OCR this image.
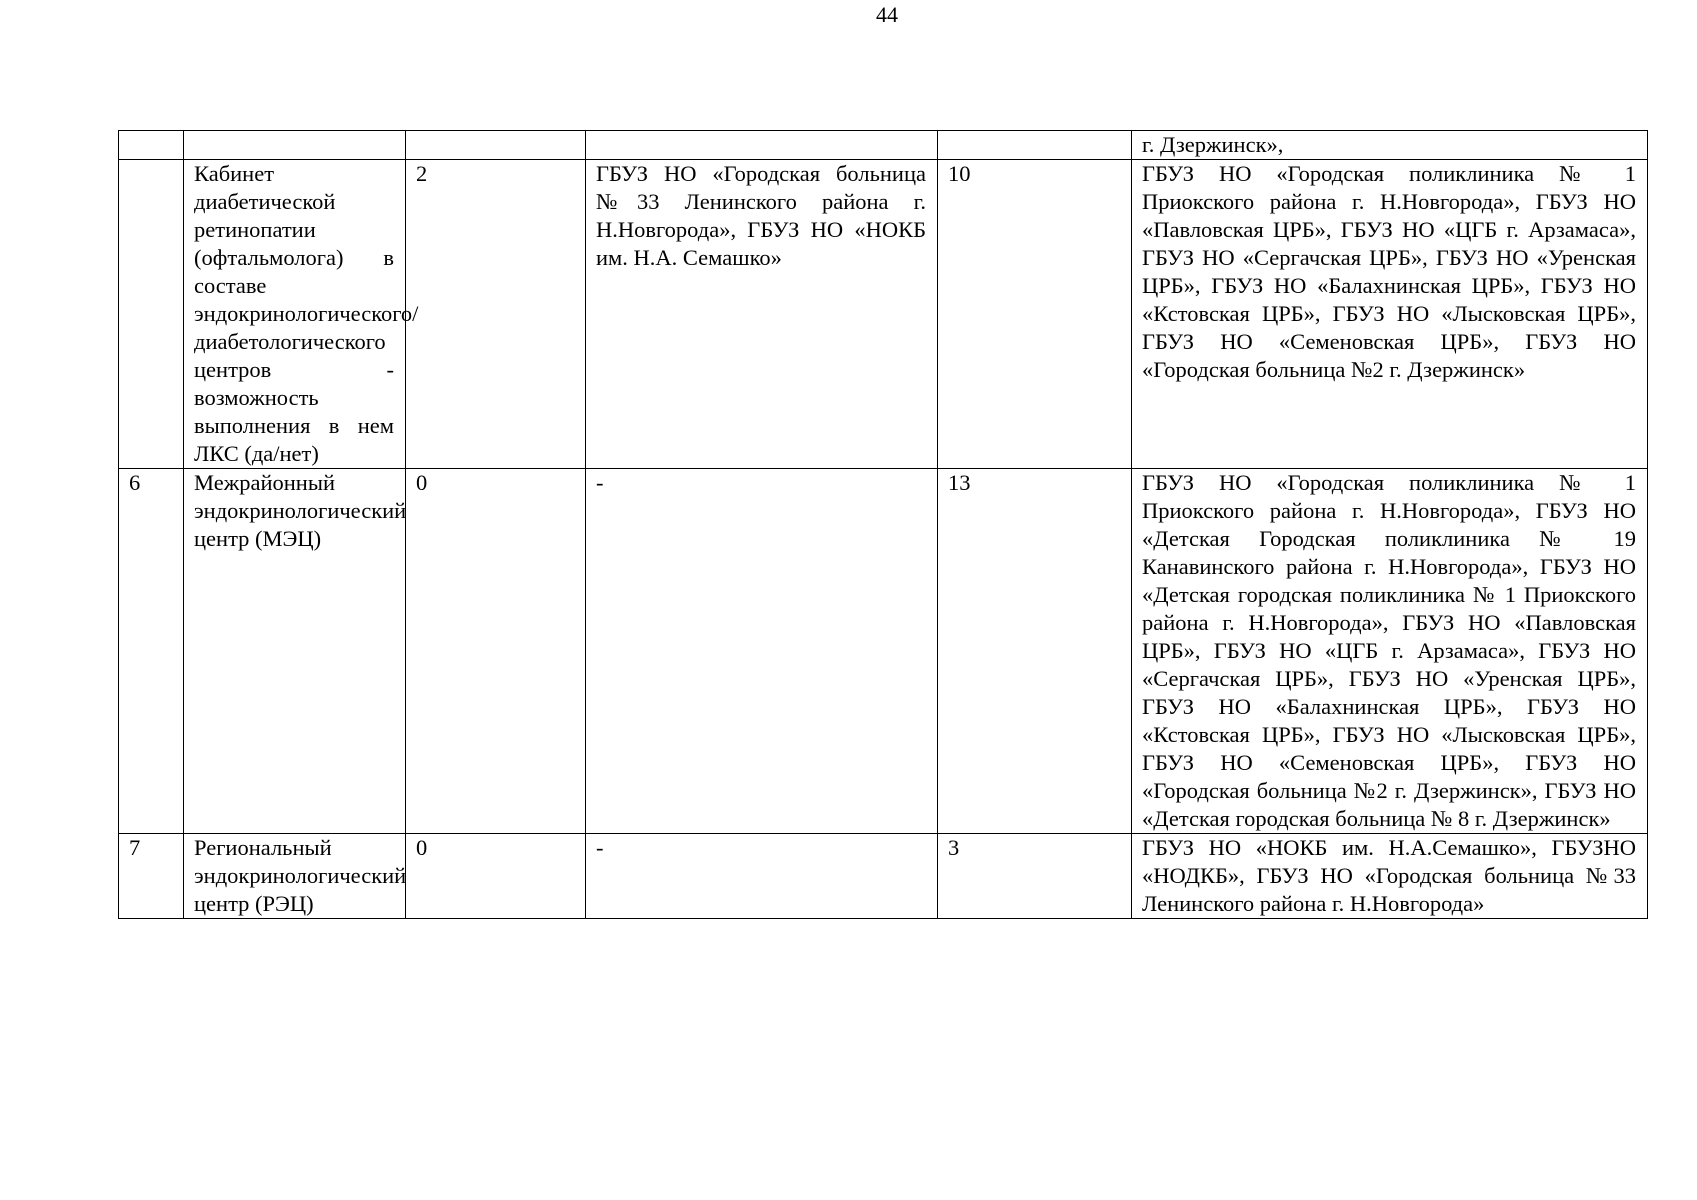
44
					г. Дзержинск»,
	Кабинет диабетической ретинопатии (офтальмолога) в составе эндокринологического/диабетологического центров - возможность выполнения в нем ЛКС (да/нет)	2	ГБУЗ НО «Городская больница №33 Ленинского района г. Н.Новгорода», ГБУЗ НО «НОКБ им. Н.А. Семашко»	10	ГБУЗ НО «Городская поликлиника № 1 Приокского района г. Н.Новгорода», ГБУЗ НО «Павловская ЦРБ», ГБУЗ НО «ЦГБ г. Арзамаса», ГБУЗ НО «Сергачская ЦРБ», ГБУЗ НО «Уренская ЦРБ», ГБУЗ НО «Балахнинская ЦРБ», ГБУЗ НО «Кстовская ЦРБ», ГБУЗ НО «Лысковская ЦРБ», ГБУЗ НО «Семеновская ЦРБ», ГБУЗ НО «Городская больница №2 г. Дзержинск»
6	Межрайонный эндокринологический центр (МЭЦ)	0	-	13	ГБУЗ НО «Городская поликлиника № 1 Приокского района г. Н.Новгорода», ГБУЗ НО «Детская Городская поликлиника № 19 Канавинского района г. Н.Новгорода», ГБУЗ НО «Детская городская поликлиника № 1 Приокского района г. Н.Новгорода», ГБУЗ НО «Павловская ЦРБ», ГБУЗ НО «ЦГБ г. Арзамаса», ГБУЗ НО «Сергачская ЦРБ», ГБУЗ НО «Уренская ЦРБ», ГБУЗ НО «Балахнинская ЦРБ», ГБУЗ НО «Кстовская ЦРБ», ГБУЗ НО «Лысковская ЦРБ», ГБУЗ НО «Семеновская ЦРБ», ГБУЗ НО «Городская больница №2 г. Дзержинск», ГБУЗ НО «Детская городская больница № 8 г. Дзержинск»
7	Региональный эндокринологический центр (РЭЦ)	0	-	3	ГБУЗ НО «НОКБ им. Н.А.Семашко», ГБУЗНО «НОДКБ», ГБУЗ НО «Городская больница №33 Ленинского района г. Н.Новгорода»
